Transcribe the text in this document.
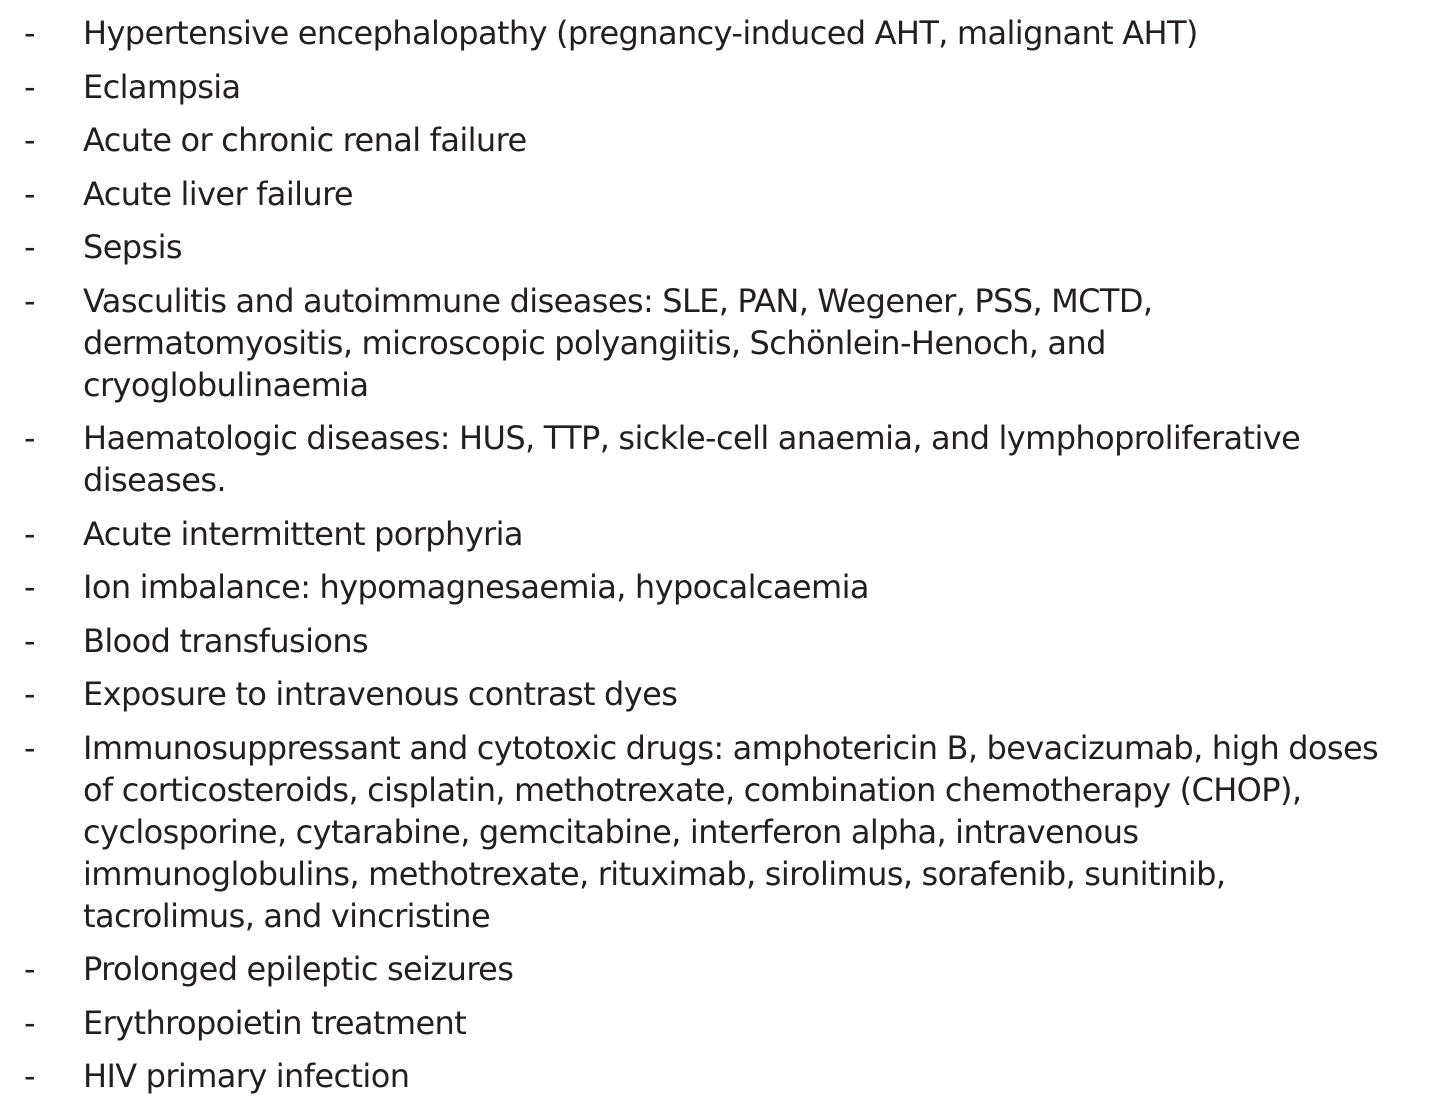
- Hypertensive encephalopathy (pregnancy-induced AHT, malignant AHT)
- Eclampsia
- Acute or chronic renal failure
- Acute liver failure
- Sepsis
- Vasculitis and autoimmune diseases: SLE, PAN, Wegener, PSS, MCTD,
dermatomyositis, microscopic polyangiitis, Schönlein-Henoch, and
cryoglobulinaemia
- Haematologic diseases: HUS, TTP, sickle-cell anaemia, and lymphoproliferative
diseases.
- Acute intermittent porphyria
- Ion imbalance: hypomagnesaemia, hypocalcaemia
- Blood transfusions
- Exposure to intravenous contrast dyes
- Immunosuppressant and cytotoxic drugs: amphotericin B, bevacizumab, high doses
of corticosteroids, cisplatin, methotrexate, combination chemotherapy (CHOP),
cyclosporine, cytarabine, gemcitabine, interferon alpha, intravenous
immunoglobulins, methotrexate, rituximab, sirolimus, sorafenib, sunitinib,
tacrolimus, and vincristine
- Prolonged epileptic seizures
- Erythropoietin treatment
- HIV primary infection
